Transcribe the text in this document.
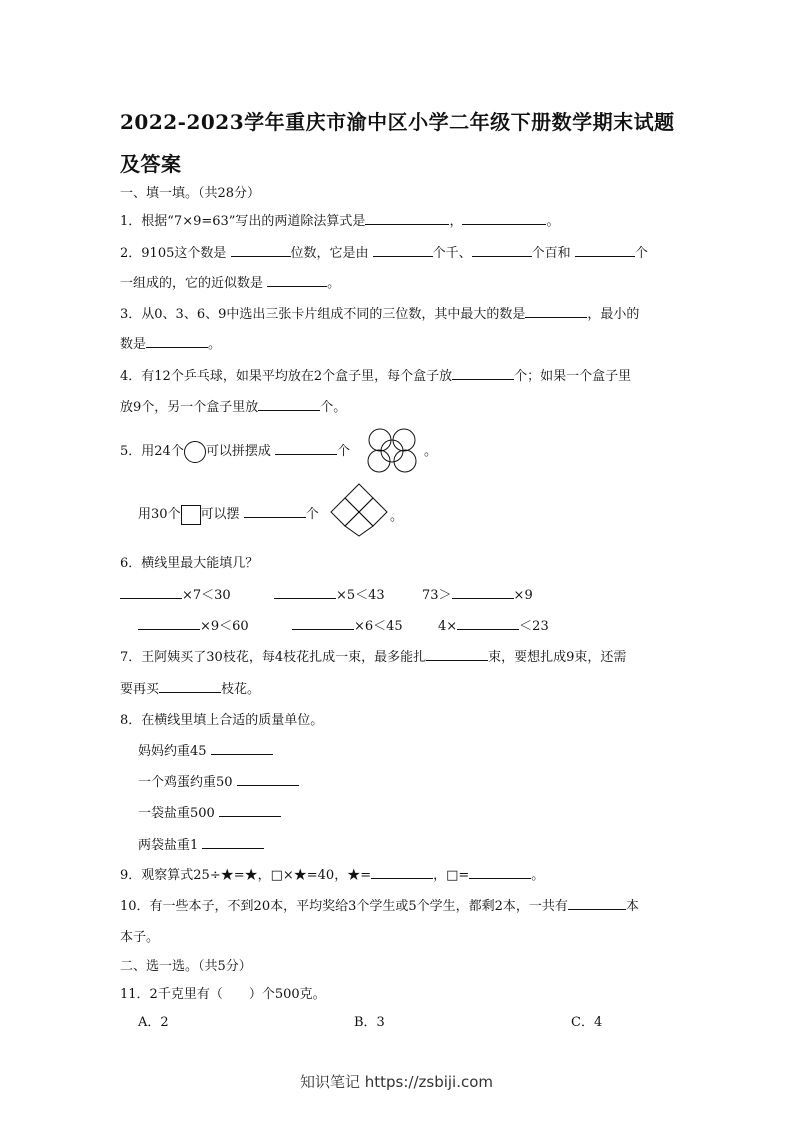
2022-2023学年重庆市渝中区小学二年级下册数学期末试题
及答案
一、填一填。（共28分）
1．根据“7×9=63”写出的两道除法算式是	，	。
2．9105这个数是	位数，它是由	个千、	个百和	个
一组成的，它的近似数是	。
3．从0、3、6、9中选出三张卡片组成不同的三位数，其中最大的数是	，最小的
数是	。
4．有12个乒乓球，如果平均放在2个盒子里，每个盒子放	个；如果一个盒子里
放9个，另一个盒子里放	个。
5．用24个 可以拼摆成	个	。
用30个 可以摆	个	。
6．横线里最大能填几？
×7＜30	×5＜43	73＞	×9
×9＜60	×6＜45	4×	＜23
7．王阿姨买了30枝花，每4枝花扎成一束，最多能扎	束，要想扎成9束，还需
要再买	枝花。
8．在横线里填上合适的质量单位。
妈妈约重45
一个鸡蛋约重50
一袋盐重500
两袋盐重1
9．观察算式25÷★=★，□×★=40，★=	，□=	。
10．有一些本子，不到20本，平均奖给3个学生或5个学生，都剩2本，一共有	本
本子。
二、选一选。（共5分）
11．2千克里有（　　）个500克。
A．2	B．3	C．4
知识笔记 https://zsbiji.com
